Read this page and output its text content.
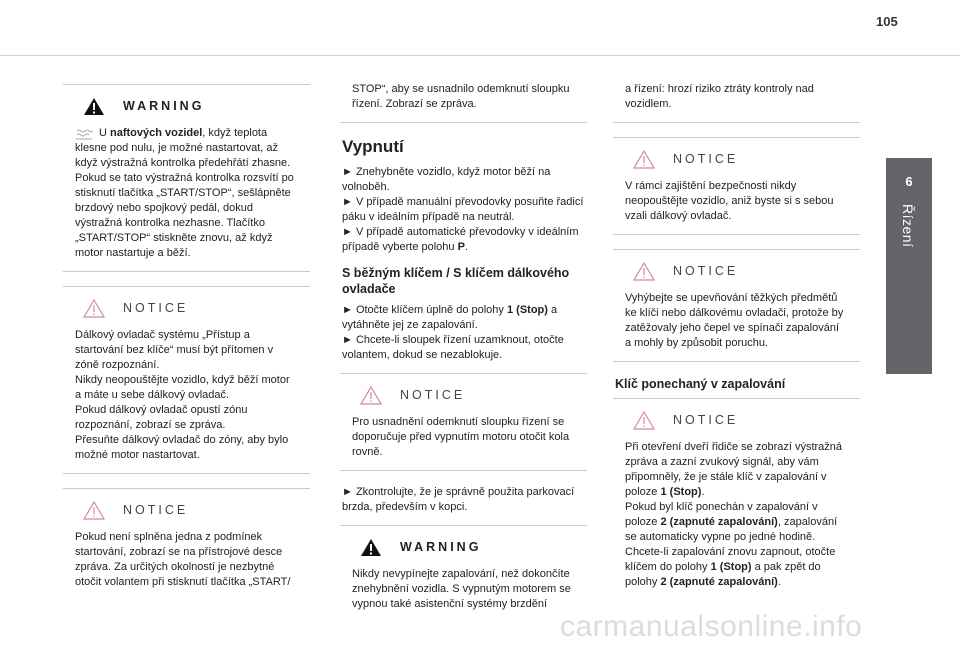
105
6
Řízení
WARNING
U naftových vozidel, když teplota klesne pod nulu, je možné nastartovat, až když výstražná kontrolka předehřátí zhasne.
Pokud se tato výstražná kontrolka rozsvítí po stisknutí tlačítka „START/STOP“, sešlápněte brzdový nebo spojkový pedál, dokud výstražná kontrolka nezhasne. Tlačítko „START/STOP“ stiskněte znovu, až když motor nastartuje a běží.
NOTICE
Dálkový ovladač systému „Přístup a startování bez klíče“ musí být přítomen v zóně rozpoznání.
Nikdy neopouštějte vozidlo, když běží motor a máte u sebe dálkový ovladač.
Pokud dálkový ovladač opustí zónu rozpoznání, zobrazí se zpráva.
Přesuňte dálkový ovladač do zóny, aby bylo možné motor nastartovat.
NOTICE
Pokud není splněna jedna z podmínek startování, zobrazí se na přístrojové desce zpráva. Za určitých okolností je nezbytné otočit volantem při stisknutí tlačítka „START/
STOP“, aby se usnadnilo odemknutí sloupku řízení. Zobrazí se zpráva.
Vypnutí
► Znehybněte vozidlo, když motor běží na volnoběh.
► V případě manuální převodovky posuňte řadicí páku v ideálním případě na neutrál.
► V případě automatické převodovky v ideálním případě vyberte polohu P.
S běžným klíčem / S klíčem dálkového ovladače
► Otočte klíčem úplně do polohy 1 (Stop) a vytáhněte jej ze zapalování.
► Chcete-li sloupek řízení uzamknout, otočte volantem, dokud se nezablokuje.
NOTICE
Pro usnadnění odemknutí sloupku řízení se doporučuje před vypnutím motoru otočit kola rovně.
► Zkontrolujte, že je správně použita parkovací brzda, především v kopci.
WARNING
Nikdy nevypínejte zapalování, než dokončíte znehybnění vozidla. S vypnutým motorem se vypnou také asistenční systémy brzdění
a řízení: hrozí riziko ztráty kontroly nad vozidlem.
NOTICE
V rámci zajištění bezpečnosti nikdy neopouštějte vozidlo, aniž byste si s sebou vzali dálkový ovladač.
NOTICE
Vyhýbejte se upevňování těžkých předmětů ke klíči nebo dálkovému ovladači, protože by zatěžovaly jeho čepel ve spínači zapalování a mohly by způsobit poruchu.
Klíč ponechaný v zapalování
NOTICE
Při otevření dveří řidiče se zobrazí výstražná zpráva a zazní zvukový signál, aby vám připomněly, že je stále klíč v zapalování v poloze 1 (Stop).
Pokud byl klíč ponechán v zapalování v poloze 2 (zapnuté zapalování), zapalování se automaticky vypne po jedné hodině.
Chcete-li zapalování znovu zapnout, otočte klíčem do polohy 1 (Stop) a pak zpět do polohy 2 (zapnuté zapalování).
carmanualsonline.info
